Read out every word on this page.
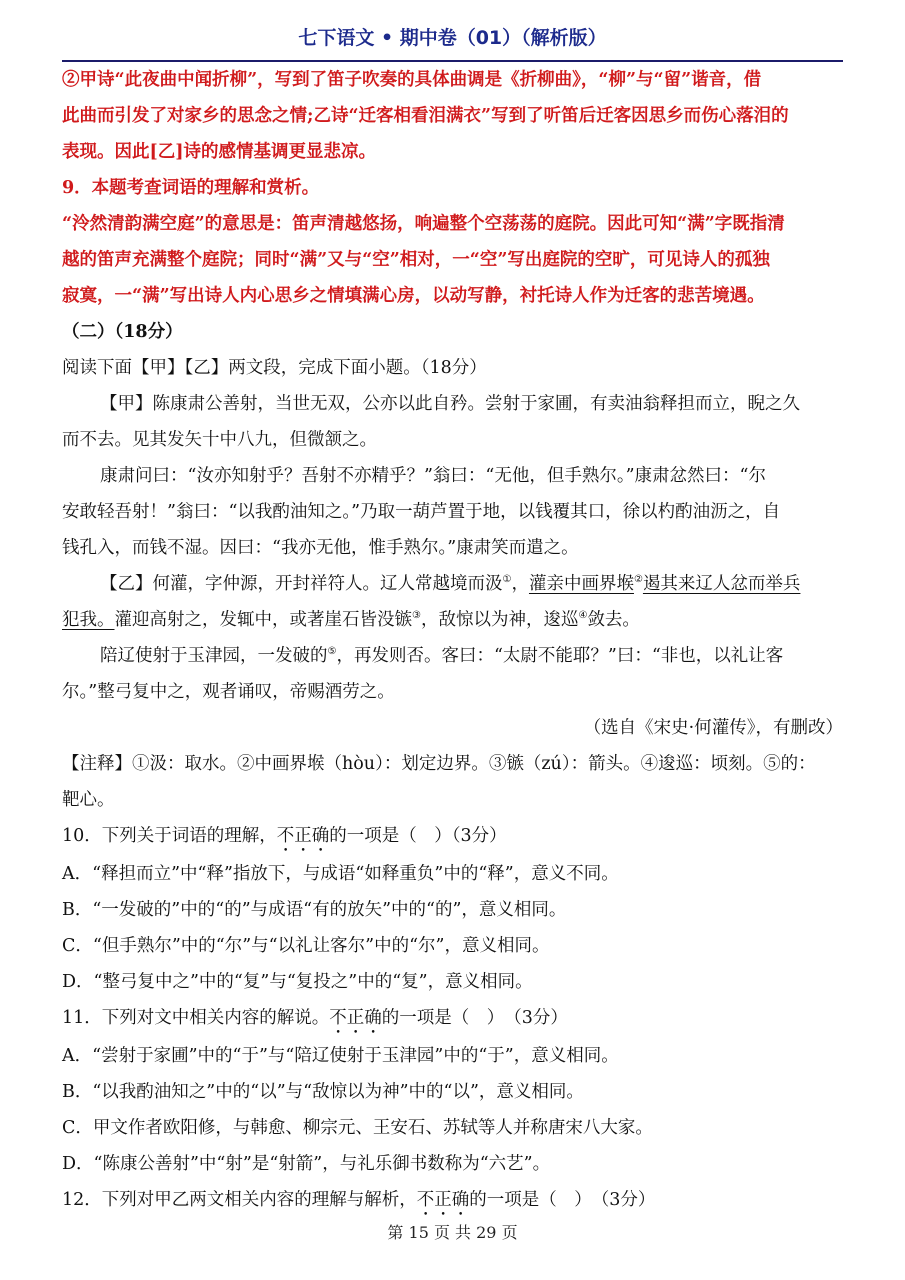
七下语文 • 期中卷（01）（解析版）
②甲诗“此夜曲中闻折柳”，写到了笛子吹奏的具体曲调是《折柳曲》，“柳”与“留”谐音，借
此曲而引发了对家乡的思念之情;乙诗“迁客相看泪满衣”写到了听笛后迁客因思乡而伤心落泪的
表现。因此[乙]诗的感情基调更显悲凉。
9．本题考查词语的理解和赏析。
“泠然清韵满空庭”的意思是：笛声清越悠扬，响遍整个空荡荡的庭院。因此可知“满”字既指清
越的笛声充满整个庭院；同时“满”又与“空”相对，一“空”写出庭院的空旷，可见诗人的孤独
寂寞，一“满”写出诗人内心思乡之情填满心房，以动写静，衬托诗人作为迁客的悲苦境遇。
（二）（18分）
阅读下面【甲】【乙】两文段，完成下面小题。（18分）
【甲】陈康肃公善射，当世无双，公亦以此自矜。尝射于家圃，有卖油翁释担而立，睨之久
而不去。见其发矢十中八九，但微颔之。
康肃问曰：“汝亦知射乎？吾射不亦精乎？”翁曰：“无他，但手熟尔。”康肃忿然曰：“尔
安敢轻吾射！”翁曰：“以我酌油知之。”乃取一葫芦置于地，以钱覆其口，徐以杓酌油沥之，自
钱孔入，而钱不湿。因曰：“我亦无他，惟手熟尔。”康肃笑而遣之。
【乙】何灌，字仲源，开封祥符人。辽人常越境而汲①，灌亲中画界堠②遏其来辽人忿而举兵
犯我。灌迎高射之，发辄中，或著崖石皆没镞③，敌惊以为神，逡巡④敛去。
陪辽使射于玉津园，一发破的⑤，再发则否。客曰：“太尉不能耶？”曰：“非也，以礼让客
尔。”整弓复中之，观者诵叹，帝赐酒劳之。
（选自《宋史·何灌传》，有删改）
【注释】①汲：取水。②中画界堠（hòu）：划定边界。③镞（zú）：箭头。④逡巡：顷刻。⑤的：
靶心。
10．下列关于词语的理解，不正确的一项是（　）（3分）
A．“释担而立”中“释”指放下，与成语“如释重负”中的“释”，意义不同。
B．“一发破的”中的“的”与成语“有的放矢”中的“的”，意义相同。
C．“但手熟尔”中的“尔”与“以礼让客尔”中的“尔”，意义相同。
D．“整弓复中之”中的“复”与“复投之”中的“复”，意义相同。
11．下列对文中相关内容的解说。不正确的一项是（　）　（3分）
A．“尝射于家圃”中的“于”与“陪辽使射于玉津园”中的“于”，意义相同。
B．“以我酌油知之”中的“以”与“敌惊以为神”中的“以”，意义相同。
C．甲文作者欧阳修，与韩愈、柳宗元、王安石、苏轼等人并称唐宋八大家。
D．“陈康公善射”中“射”是“射箭”，与礼乐御书数称为“六艺”。
12．下列对甲乙两文相关内容的理解与解析，不正确的一项是（　）　（3分）
第 15 页 共 29 页
